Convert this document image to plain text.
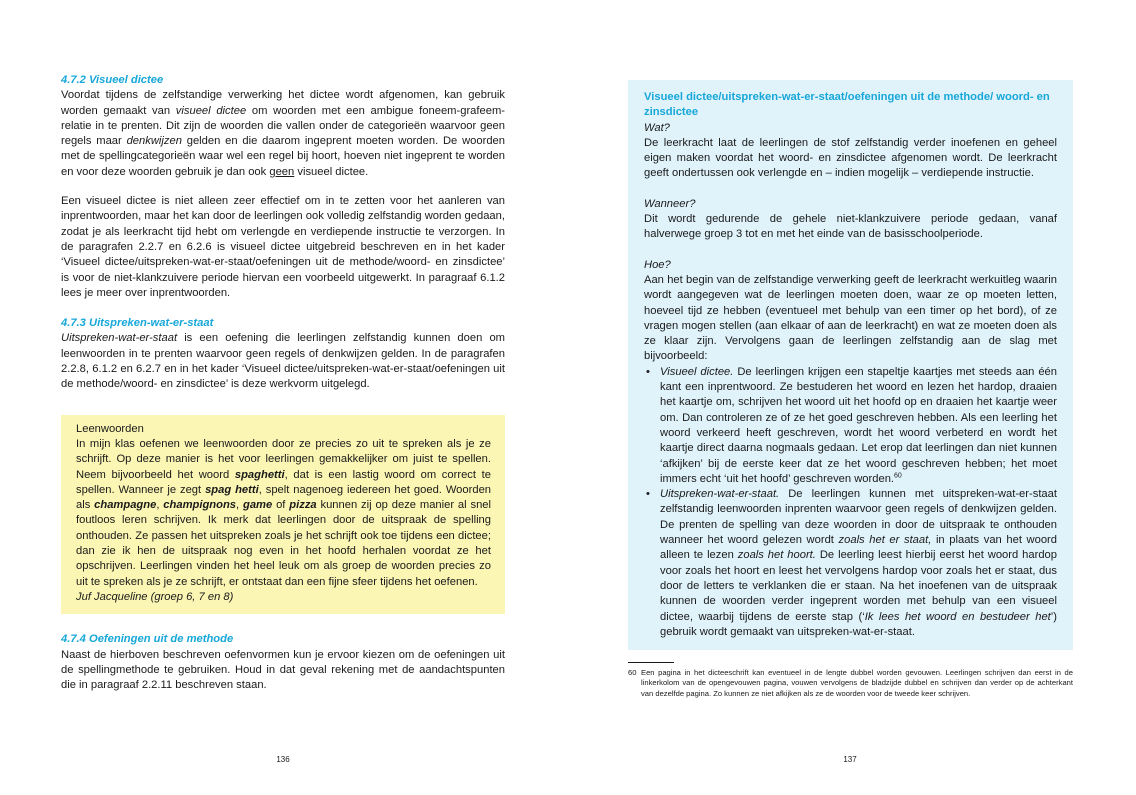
4.7.2 Visueel dictee

Voordat tijdens de zelfstandige verwerking het dictee wordt afgenomen, kan gebruik worden gemaakt van visueel dictee om woorden met een ambigue foneem-grafeem-relatie in te prenten. Dit zijn de woorden die vallen onder de categorieën waarvoor geen regels maar denkwijzen gelden en die daarom ingeprent moeten worden. De woorden met de spellingcategorieën waar wel een regel bij hoort, hoeven niet ingeprent te worden en voor deze woorden gebruik je dan ook geen visueel dictee.

Een visueel dictee is niet alleen zeer effectief om in te zetten voor het aanleren van inprentwoorden, maar het kan door de leerlingen ook volledig zelfstandig worden gedaan, zodat je als leerkracht tijd hebt om verlengde en verdiepende instructie te verzorgen. In de paragrafen 2.2.7 en 6.2.6 is visueel dictee uitgebreid beschreven en in het kader ‘Visueel dictee/uitspreken-wat-er-staat/oefeningen uit de methode/woord- en zinsdictee’ is voor de niet-klankzuivere periode hiervan een voorbeeld uitgewerkt. In paragraaf 6.1.2 lees je meer over inprentwoorden.

4.7.3 Uitspreken-wat-er-staat

Uitspreken-wat-er-staat is een oefening die leerlingen zelfstandig kunnen doen om leenwoorden in te prenten waarvoor geen regels of denkwijzen gelden. In de paragrafen 2.2.8, 6.1.2 en 6.2.7 en in het kader ‘Visueel dictee/uitspreken-wat-er-staat/oefeningen uit de methode/woord- en zinsdictee’ is deze werkvorm uitgelegd.

Leenwoorden

In mijn klas oefenen we leenwoorden door ze precies zo uit te spreken als je ze schrijft. Op deze manier is het voor leerlingen gemakkelijker om juist te spellen. Neem bijvoorbeeld het woord spaghetti, dat is een lastig woord om correct te spellen. Wanneer je zegt spag hetti, spelt nagenoeg iedereen het goed. Woorden als champagne, champignons, game of pizza kunnen zij op deze manier al snel foutloos leren schrijven. Ik merk dat leerlingen door de uitspraak de spelling onthouden. Ze passen het uitspreken zoals je het schrijft ook toe tijdens een dictee; dan zie ik hen de uitspraak nog even in het hoofd herhalen voordat ze het opschrijven. Leerlingen vinden het heel leuk om als groep de woorden precies zo uit te spreken als je ze schrijft, er ontstaat dan een fijne sfeer tijdens het oefenen.

Juf Jacqueline (groep 6, 7 en 8)

4.7.4 Oefeningen uit de methode

Naast de hierboven beschreven oefenvormen kun je ervoor kiezen om de oefeningen uit de spellingmethode te gebruiken. Houd in dat geval rekening met de aandachtspunten die in paragraaf 2.2.11 beschreven staan.

136

Visueel dictee/uitspreken-wat-er-staat/oefeningen uit de methode/ woord- en zinsdictee

Wat?

De leerkracht laat de leerlingen de stof zelfstandig verder inoefenen en geheel eigen maken voordat het woord- en zinsdictee afgenomen wordt. De leerkracht geeft ondertussen ook verlengde en – indien mogelijk – verdiepende instructie.

Wanneer?

Dit wordt gedurende de gehele niet-klankzuivere periode gedaan, vanaf halverwege groep 3 tot en met het einde van de basisschoolperiode.

Hoe?

Aan het begin van de zelfstandige verwerking geeft de leerkracht werkuitleg waarin wordt aangegeven wat de leerlingen moeten doen, waar ze op moeten letten, hoeveel tijd ze hebben (eventueel met behulp van een timer op het bord), of ze vragen mogen stellen (aan elkaar of aan de leerkracht) en wat ze moeten doen als ze klaar zijn. Vervolgens gaan de leerlingen zelfstandig aan de slag met bijvoorbeeld:

• Visueel dictee. De leerlingen krijgen een stapeltje kaartjes met steeds aan één kant een inprentwoord. Ze bestuderen het woord en lezen het hardop, draaien het kaartje om, schrijven het woord uit het hoofd op en draaien het kaartje weer om. Dan controleren ze of ze het goed geschreven hebben. Als een leerling het woord verkeerd heeft geschreven, wordt het woord verbeterd en wordt het kaartje direct daarna nogmaals gedaan. Let erop dat leerlingen dan niet kunnen ‘afkijken’ bij de eerste keer dat ze het woord geschreven hebben; het moet immers echt ‘uit het hoofd’ geschreven worden.$^{60}$
• Uitspreken-wat-er-staat. De leerlingen kunnen met uitspreken-wat-er-staat zelfstandig leenwoorden inprenten waarvoor geen regels of denkwijzen gelden. De prenten de spelling van deze woorden in door de uitspraak te onthouden wanneer het woord gelezen wordt zoals het er staat, in plaats van het woord alleen te lezen zoals het hoort. De leerling leest hierbij eerst het woord hardop voor zoals het hoort en leest het vervolgens hardop voor zoals het er staat, dus door de letters te verklanken die er staan. Na het inoefenen van de uitspraak kunnen de woorden verder ingeprent worden met behulp van een visueel dictee, waarbij tijdens de eerste stap (‘Ik lees het woord en bestudeer het’) gebruik wordt gemaakt van uitspreken-wat-er-staat.
60 Een pagina in het dicteeschrift kan eventueel in de lengte dubbel worden gevouwen. Leerlingen schrijven dan eerst in de linkerkolom van de opengevouwen pagina, vouwen vervolgens de bladzijde dubbel en schrijven dan verder op de achterkant van dezelfde pagina. Zo kunnen ze niet afkijken als ze de woorden voor de tweede keer schrijven.
137
